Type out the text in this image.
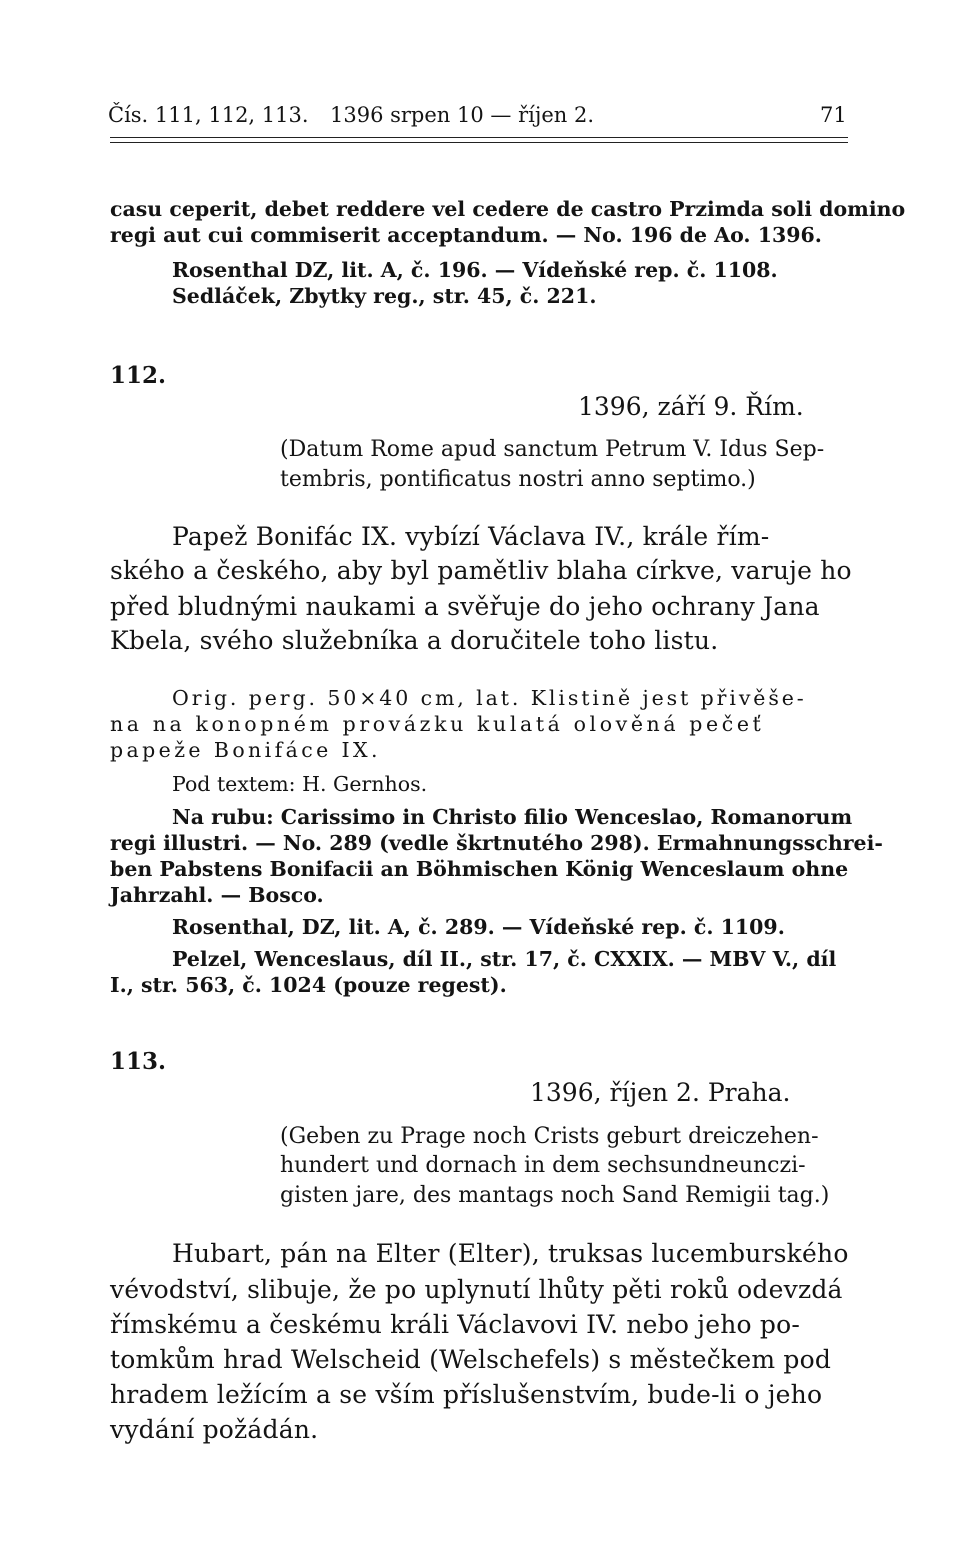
Čís. 111, 112, 113. 1396 srpen 10 — říjen 2.	71
casu ceperit, debet reddere vel cedere de castro Przimda soli domino
regi aut cui commiserit acceptandum. — No. 196 de Ao. 1396.
Rosenthal DZ, lit. A, č. 196. — Vídeňské rep. č. 1108.
Sedláček, Zbytky reg., str. 45, č. 221.
112.
1396, září 9. Řím.
(Datum Rome apud sanctum Petrum V. Idus Sep-
tembris, pontificatus nostri anno septimo.)
Papež Bonifác IX. vybízí Václava IV., krále řím-
ského a českého, aby byl pamětliv blaha církve, varuje ho
před bludnými naukami a svěřuje do jeho ochrany Jana
Kbela, svého služebníka a doručitele toho listu.
Orig. perg. 50×40 cm, lat. Klistině jest přivěše-
na na konopném provázku kulatá olověná pečeť
papeže Bonifáce IX.
Pod textem: H. Gernhos.
Na rubu: Carissimo in Christo filio Wenceslao, Romanorum
regi illustri. — No. 289 (vedle škrtnutého 298). Ermahnungsschrei-
ben Pabstens Bonifacii an Böhmischen König Wenceslaum ohne
Jahrzahl. — Bosco.
Rosenthal, DZ, lit. A, č. 289. — Vídeňské rep. č. 1109.
Pelzel, Wenceslaus, díl II., str. 17, č. CXXIX. — MBV V., díl
I., str. 563, č. 1024 (pouze regest).
113.
1396, říjen 2. Praha.
(Geben zu Prage noch Crists geburt dreiczehen-
hundert und dornach in dem sechsundneunczi-
gisten jare, des mantags noch Sand Remigii tag.)
Hubart, pán na Elter (Elter), truksas lucemburského
vévodství, slibuje, že po uplynutí lhůty pěti roků odevzdá
římskému a českému králi Václavovi IV. nebo jeho po-
tomkům hrad Welscheid (Welschefels) s městečkem pod
hradem ležícím a se vším příslušenstvím, bude-li o jeho
vydání požádán.
